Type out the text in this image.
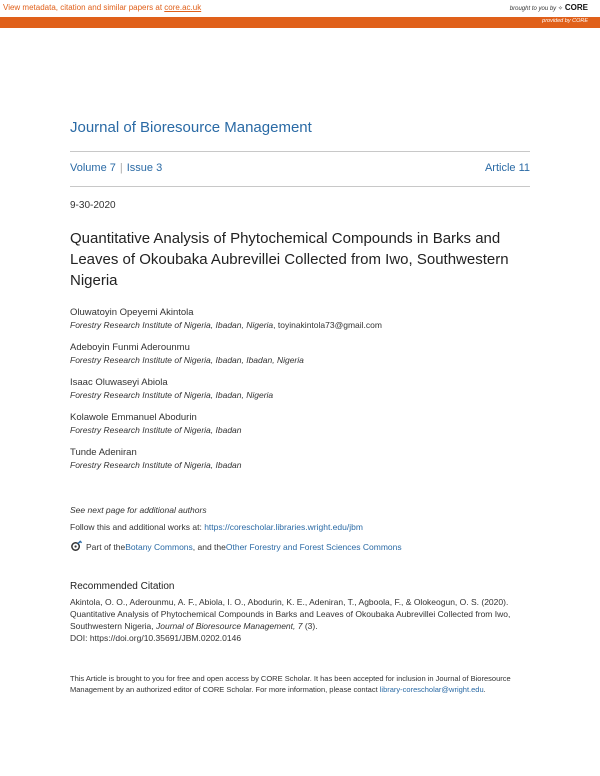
View metadata, citation and similar papers at core.ac.uk	brought to you by ✧ CORE
provided by CORE
Journal of Bioresource Management
Volume 7 | Issue 3	Article 11
9-30-2020
Quantitative Analysis of Phytochemical Compounds in Barks and Leaves of Okoubaka Aubrevillei Collected from Iwo, Southwestern Nigeria
Oluwatoyin Opeyemi Akintola
Forestry Research Institute of Nigeria, Ibadan, Nigeria, toyinakintola73@gmail.com
Adeboyin Funmi Aderounmu
Forestry Research Institute of Nigeria, Ibadan, Ibadan, Nigeria
Isaac Oluwaseyi Abiola
Forestry Research Institute of Nigeria, Ibadan, Nigeria
Kolawole Emmanuel Abodurin
Forestry Research Institute of Nigeria, Ibadan
Tunde Adeniran
Forestry Research Institute of Nigeria, Ibadan
See next page for additional authors
Follow this and additional works at: https://corescholar.libraries.wright.edu/jbm
Part of the Botany Commons , and the Other Forestry and Forest Sciences Commons
Recommended Citation
Akintola, O. O., Aderounmu, A. F., Abiola, I. O., Abodurin, K. E., Adeniran, T., Agboola, F., & Olokeogun, O. S. (2020). Quantitative Analysis of Phytochemical Compounds in Barks and Leaves of Okoubaka Aubrevillei Collected from Iwo, Southwestern Nigeria, Journal of Bioresource Management, 7 (3).
DOI: https://doi.org/10.35691/JBM.0202.0146
This Article is brought to you for free and open access by CORE Scholar. It has been accepted for inclusion in Journal of Bioresource Management by an authorized editor of CORE Scholar. For more information, please contact library-corescholar@wright.edu.
